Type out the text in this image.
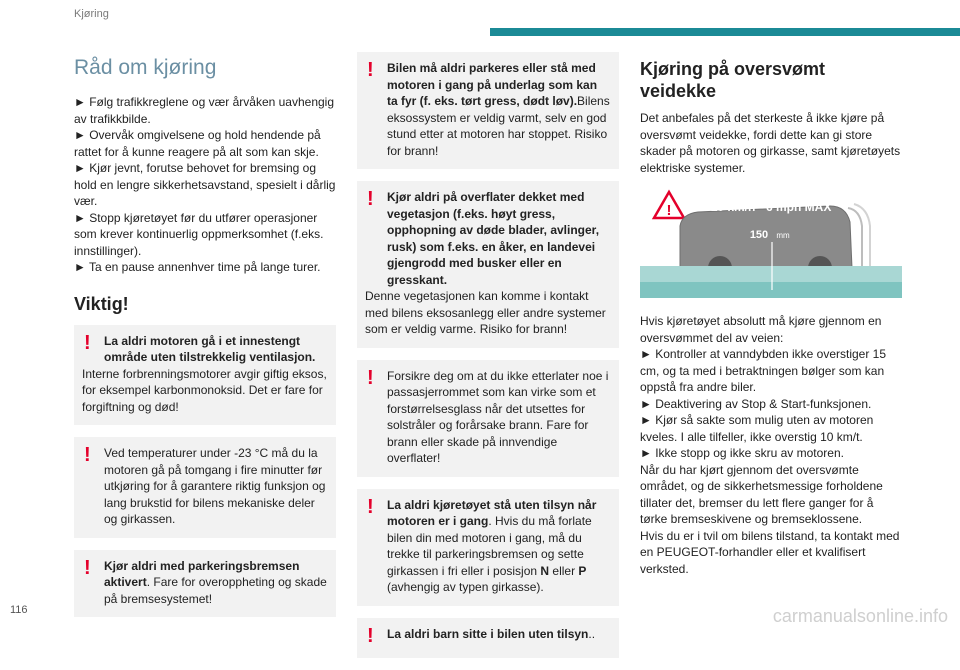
Kjøring
Råd om kjøring

► Følg trafikkreglene og vær årvåken uavhengig av trafikkbilde.

► Overvåk omgivelsene og hold hendende på rattet for å kunne reagere på alt som kan skje.

► Kjør jevnt, forutse behovet for bremsing og hold en lengre sikkerhetsavstand, spesielt i dårlig vær.

► Stopp kjøretøyet før du utfører operasjoner som krever kontinuerlig oppmerksomhet (f.eks. innstillinger).

► Ta en pause annenhver time på lange turer.

Viktig!
!	La aldri motoren gå i et innestengt område uten tilstrekkelig ventilasjon.
Interne forbrenningsmotorer avgir giftig eksos, for eksempel karbonmonoksid. Det er fare for forgiftning og død!
!	Ved temperaturer under -23 °C må du la motoren gå på tomgang i fire minutter før utkjøring for å garantere riktig funksjon og lang brukstid for bilens mekaniske deler og girkassen.
!	Kjør aldri med parkeringsbremsen aktivert. Fare for overoppheting og skade på bremsesystemet!
!	Bilen må aldri parkeres eller stå med motoren i gang på underlag som kan ta fyr (f. eks. tørt gress, dødt løv).Bilens eksossystem er veldig varmt, selv en god stund etter at motoren har stoppet. Risiko for brann!
!	Kjør aldri på overflater dekket med vegetasjon (f.eks. høyt gress, opphopning av døde blader, avlinger, rusk) som f.eks. en åker, en landevei gjengrodd med busker eller en gresskant.
Denne vegetasjonen kan komme i kontakt med bilens eksosanlegg eller andre systemer som er veldig varme. Risiko for brann!
!	Forsikre deg om at du ikke etterlater noe i passasjerrommet som kan virke som et forstørrelsesglass når det utsettes for solstråler og forårsake brann. Fare for brann eller skade på innvendige overflater!
!	La aldri kjøretøyet stå uten tilsyn når motoren er i gang. Hvis du må forlate bilen din med motoren i gang, må du trekke til parkeringsbremsen og sette girkassen i fri eller i posisjon N eller P (avhengig av typen girkasse).
!	La aldri barn sitte i bilen uten tilsyn..
Kjøring på oversvømt veidekke

Det anbefales på det sterkeste å ikke kjøre på oversvømt veidekke, fordi dette kan gi store skader på motoren og girkasse, samt kjøretøyets elektriske systemer.

!	10 km/h - 6 mph MAX
150 mm

Hvis kjøretøyet absolutt må kjøre gjennom en oversvømmet del av veien:

► Kontroller at vanndybden ikke overstiger 15 cm, og ta med i betraktningen bølger som kan oppstå fra andre biler.

► Deaktivering av Stop & Start-funksjonen.

► Kjør så sakte som mulig uten av motoren kveles. I alle tilfeller, ikke overstig 10 km/t.

► Ikke stopp og ikke skru av motoren.

Når du har kjørt gjennom det oversvømte området, og de sikkerhetsmessige forholdene tillater det, bremser du lett flere ganger for å tørke bremseskivene og bremseklossene.

Hvis du er i tvil om bilens tilstand, ta kontakt med en PEUGEOT-forhandler eller et kvalifisert verksted.

116	carmanualsonline.info
